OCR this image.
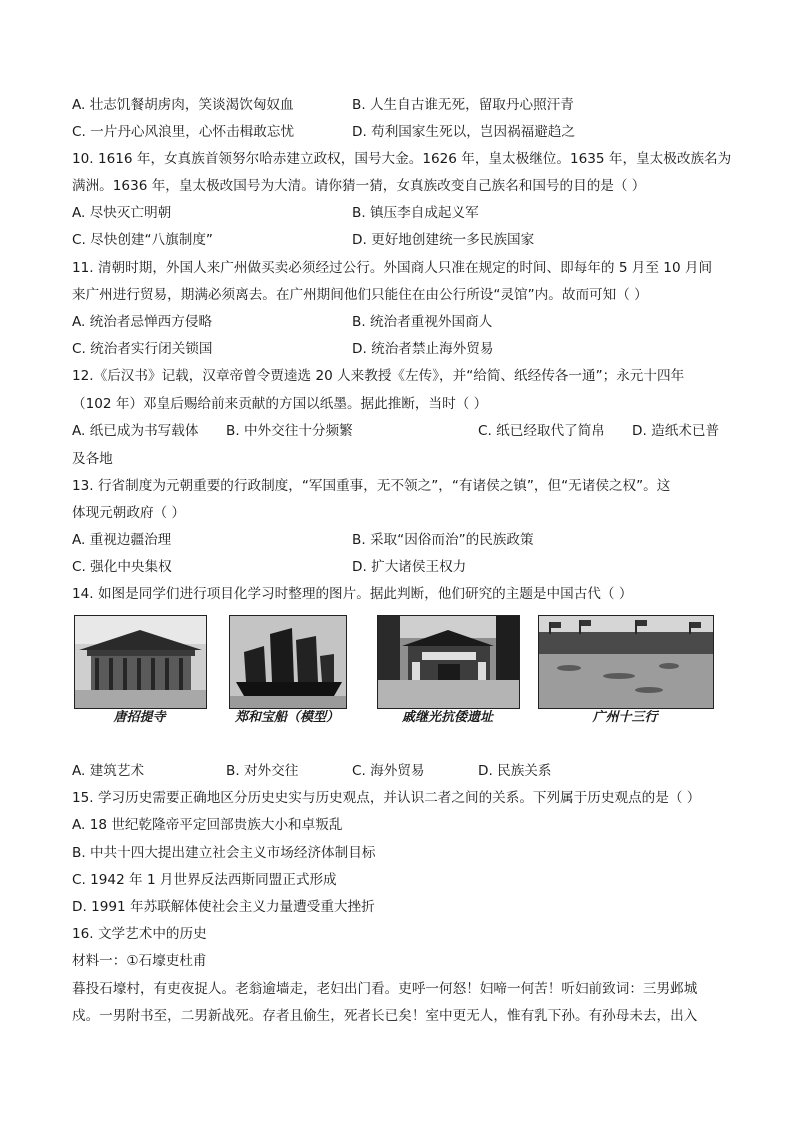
A. 壮志饥餐胡虏肉，笑谈渴饮匈奴血	B. 人生自古谁无死，留取丹心照汗青
C. 一片丹心风浪里，心怀击楫敢忘忧	D. 苟利国家生死以，岂因祸福避趋之
10. 1616 年，女真族首领努尔哈赤建立政权，国号大金。1626 年，皇太极继位。1635 年，皇太极改族名为
满洲。1636 年，皇太极改国号为大清。请你猜一猜，女真族改变自己族名和国号的目的是（ ）
A. 尽快灭亡明朝	B. 镇压李自成起义军
C. 尽快创建“八旗制度”	D. 更好地创建统一多民族国家
11. 清朝时期，外国人来广州做买卖必须经过公行。外国商人只准在规定的时间、即每年的 5 月至 10 月间
来广州进行贸易，期满必须离去。在广州期间他们只能住在由公行所设“灵馆”内。故而可知（ ）
A. 统治者忌惮西方侵略	B. 统治者重视外国商人
C. 统治者实行闭关锁国	D. 统治者禁止海外贸易
12.《后汉书》记载，汉章帝曾令贾逵选 20 人来教授《左传》，并“给简、纸经传各一通”；永元十四年
（102 年）邓皇后赐给前来贡献的方国以纸墨。据此推断，当时（ ）
A. 纸已成为书写载体 B. 中外交往十分频繁	C. 纸已经取代了简帛 D. 造纸术已普
及各地
13. 行省制度为元朝重要的行政制度，“军国重事，无不领之”，“有诸侯之镇”，但“无诸侯之权”。这
体现元朝政府（ ）
A. 重视边疆治理	B. 采取“因俗而治”的民族政策
C. 强化中央集权	D. 扩大诸侯王权力
14. 如图是同学们进行项目化学习时整理的图片。据此判断，他们研究的主题是中国古代（ ）
唐招提寺	郑和宝船（模型）	戚继光抗倭遗址	广州十三行
A. 建筑艺术	B. 对外交往	C. 海外贸易	D. 民族关系
15. 学习历史需要正确地区分历史史实与历史观点，并认识二者之间的关系。下列属于历史观点的是（ ）
A. 18 世纪乾隆帝平定回部贵族大小和卓叛乱
B. 中共十四大提出建立社会主义市场经济体制目标
C. 1942 年 1 月世界反法西斯同盟正式形成
D. 1991 年苏联解体使社会主义力量遭受重大挫折
16. 文学艺术中的历史
材料一：①石壕吏杜甫
暮投石壕村，有吏夜捉人。老翁逾墙走，老妇出门看。吏呼一何怒！妇啼一何苦！听妇前致词：三男邺城
戍。一男附书至，二男新战死。存者且偷生，死者长已矣！室中更无人，惟有乳下孙。有孙母未去，出入
